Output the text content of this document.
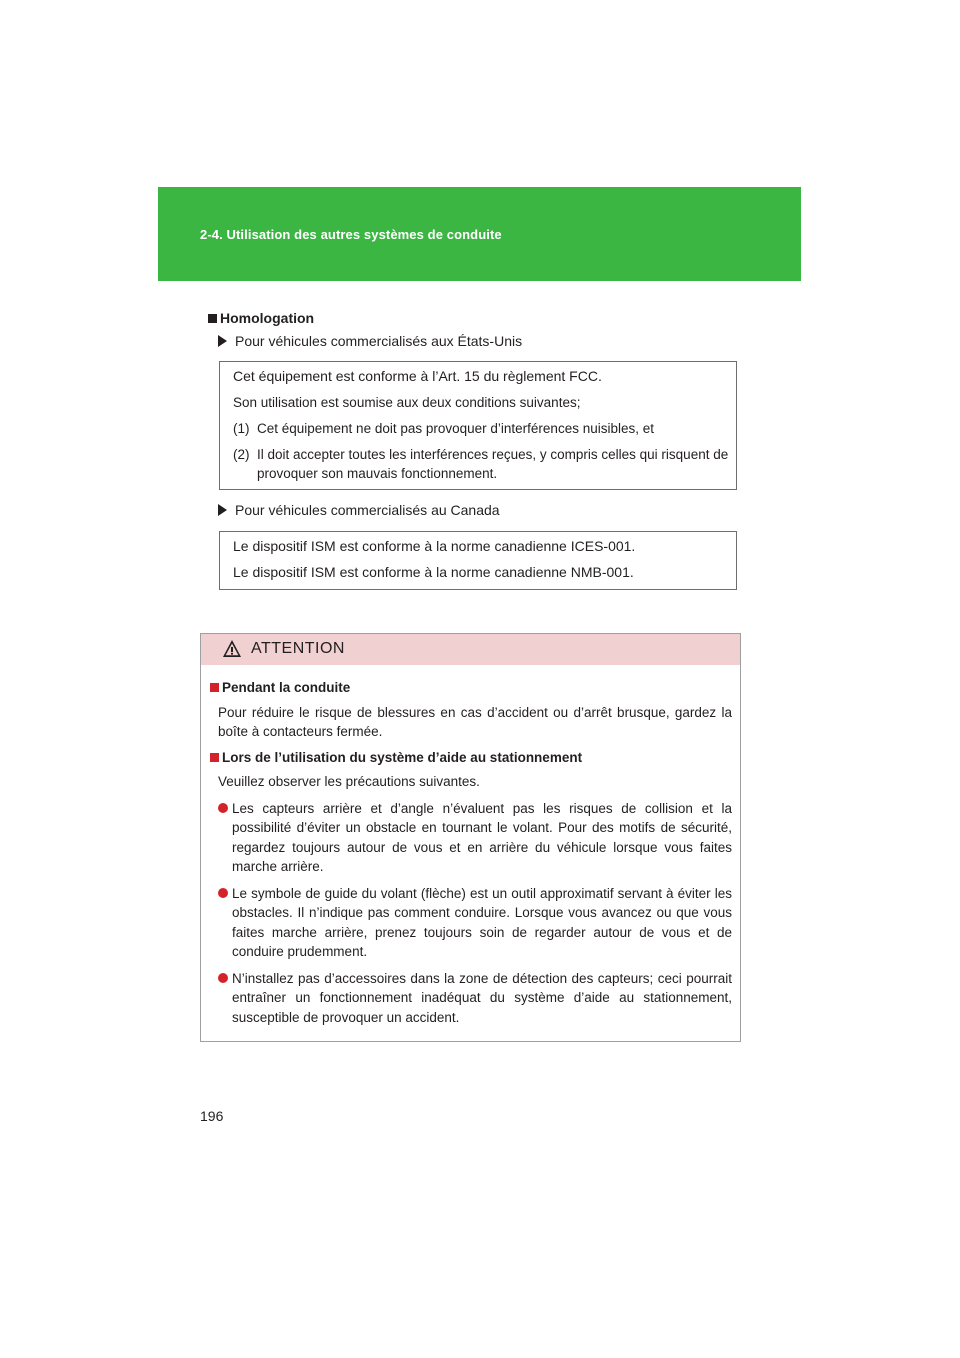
2-4. Utilisation des autres systèmes de conduite
Homologation
Pour véhicules commercialisés aux États-Unis

Cet équipement est conforme à l’Art. 15 du règlement FCC.

Son utilisation est soumise aux deux conditions suivantes;

(1) Cet équipement ne doit pas provoquer d’interférences nuisibles, et

(2) Il doit accepter toutes les interférences reçues, y compris celles qui risquent de provoquer son mauvais fonctionnement.

Pour véhicules commercialisés au Canada

Le dispositif ISM est conforme à la norme canadienne ICES-001.

Le dispositif ISM est conforme à la norme canadienne NMB-001.

ATTENTION
Pendant la conduite
Pour réduire le risque de blessures en cas d’accident ou d’arrêt brusque, gardez la boîte à contacteurs fermée.
Lors de l’utilisation du système d’aide au stationnement
Veuillez observer les précautions suivantes.
Les capteurs arrière et d’angle n’évaluent pas les risques de collision et la possibilité d’éviter un obstacle en tournant le volant. Pour des motifs de sécurité, regardez toujours autour de vous et en arrière du véhicule lorsque vous faites marche arrière.
Le symbole de guide du volant (flèche) est un outil approximatif servant à éviter les obstacles. Il n’indique pas comment conduire. Lorsque vous avancez ou que vous faites marche arrière, prenez toujours soin de regarder autour de vous et de conduire prudemment.
N’installez pas d’accessoires dans la zone de détection des capteurs; ceci pourrait entraîner un fonctionnement inadéquat du système d’aide au stationnement, susceptible de provoquer un accident.
196
